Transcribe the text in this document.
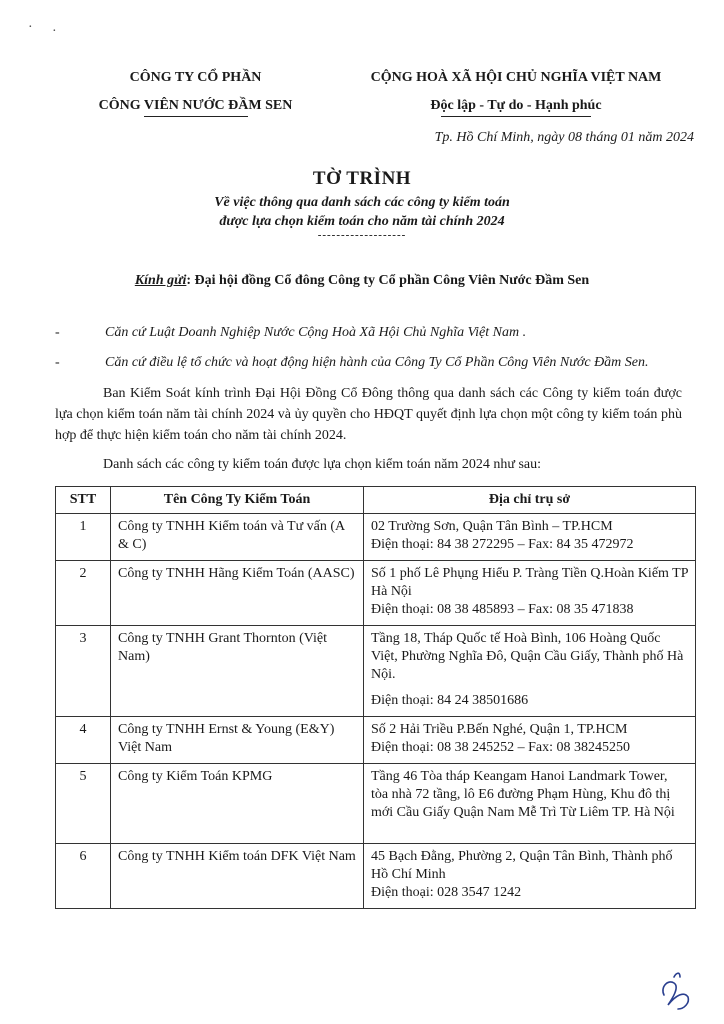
· ·
CÔNG TY CỔ PHẦN
CÔNG VIÊN NƯỚC ĐẦM SEN
CỘNG HOÀ XÃ HỘI CHỦ NGHĨA VIỆT NAM
Độc lập - Tự do - Hạnh phúc
Tp. Hồ Chí Minh, ngày 08 tháng 01 năm 2024
TỜ TRÌNH
Về việc thông qua danh sách các công ty kiểm toán
được lựa chọn kiểm toán cho năm tài chính 2024
-------------------
Kính gửi: Đại hội đồng Cổ đông Công ty Cổ phần Công Viên Nước Đầm Sen
-	Căn cứ Luật Doanh Nghiệp Nước Cộng Hoà Xã Hội Chủ Nghĩa Việt Nam .
-	Căn cứ điều lệ tổ chức và hoạt động hiện hành của Công Ty Cổ Phần Công Viên Nước Đầm Sen.
Ban Kiểm Soát kính trình Đại Hội Đồng Cổ Đông thông qua danh sách các Công ty kiểm toán được lựa chọn kiểm toán năm tài chính 2024 và ủy quyền cho HĐQT quyết định lựa chọn một công ty kiểm toán phù hợp để thực hiện kiểm toán cho năm tài chính 2024.
Danh sách các công ty kiểm toán được lựa chọn kiểm toán năm 2024 như sau:
STT	Tên Công Ty Kiểm Toán	Địa chỉ trụ sở
1	Công ty TNHH Kiểm toán và Tư vấn (A & C)	02 Trường Sơn, Quận Tân Bình – TP.HCM

Điện thoại: 84 38 272295 – Fax: 84 35 472972

2	Công ty TNHH Hãng Kiểm Toán (AASC)	Số 1 phố Lê Phụng Hiểu P. Tràng Tiền Q.Hoàn Kiếm TP Hà Nội

Điện thoại: 08 38 485893 – Fax: 08 35 471838

3	Công ty TNHH Grant Thornton (Việt Nam)	Tầng 18, Tháp Quốc tế Hoà Bình, 106 Hoàng Quốc Việt, Phường Nghĩa Đô, Quận Cầu Giấy, Thành phố Hà Nội.

Điện thoại: 84 24 38501686

4	Công ty TNHH Ernst & Young (E&Y) Việt Nam	Số 2 Hải Triều P.Bến Nghé, Quận 1, TP.HCM

Điện thoại: 08 38 245252 – Fax: 08 38245250

5	Công ty Kiểm Toán KPMG	Tầng 46 Tòa tháp Keangam Hanoi Landmark Tower, tòa nhà 72 tầng, lô E6 đường Phạm Hùng, Khu đô thị mới Cầu Giấy Quận Nam Mễ Trì Từ Liêm TP. Hà Nội

6	Công ty TNHH Kiểm toán DFK Việt Nam	45 Bạch Đằng, Phường 2, Quận Tân Bình, Thành phố Hồ Chí Minh

Điện thoại: 028 3547 1242
